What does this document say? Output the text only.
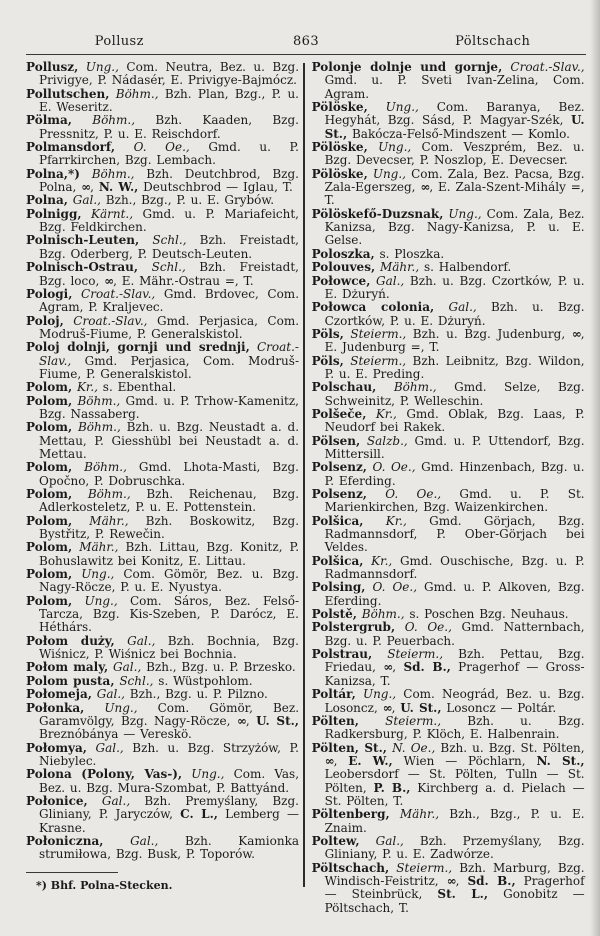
Pollusz	863	Pöltschach

Pollusz, Ung., Com. Neutra, Bez. u. Bzg. Privigye, P. Nádasér, E. Privigye-Bajmócz.

Pollutschen, Böhm., Bzh. Plan, Bzg., P. u. E. Weseritz.

Pölma, Böhm., Bzh. Kaaden, Bzg. Pressnitz, P. u. E. Reischdorf.

Polmansdorf, O. Oe., Gmd. u. P. Pfarrkirchen, Bzg. Lembach.

Polna,*) Böhm., Bzh. Deutchbrod, Bzg. Polna, ∞, N. W., Deutschbrod — Iglau, T.

Polna, Gal., Bzh., Bzg., P. u. E. Grybów.

Polnigg, Kärnt., Gmd. u. P. Mariafeicht, Bzg. Feldkirchen.

Polnisch-Leuten, Schl., Bzh. Freistadt, Bzg. Oderberg, P. Deutsch-Leuten.

Polnisch-Ostrau, Schl., Bzh. Freistadt, Bzg. loco, ∞, E. Mähr.-Ostrau =, T.

Pologi, Croat.-Slav., Gmd. Brdovec, Com. Agram, P. Kraljevec.

Poloj, Croat.-Slav., Gmd. Perjasica, Com. Modruš-Fiume, P. Generalskistol.

Poloj dolnji, gornji und srednji, Croat.-Slav., Gmd. Perjasica, Com. Modruš-Fiume, P. Generalskistol.

Polom, Kr., s. Ebenthal.

Polom, Böhm., Gmd. u. P. Trhow-Kamenitz, Bzg. Nassaberg.

Polom, Böhm., Bzh. u. Bzg. Neustadt a. d. Mettau, P. Giesshübl bei Neustadt a. d. Mettau.

Polom, Böhm., Gmd. Lhota-Masti, Bzg. Opočno, P. Dobruschka.

Polom, Böhm., Bzh. Reichenau, Bzg. Adlerkosteletz, P. u. E. Pottenstein.

Polom, Mähr., Bzh. Boskowitz, Bzg. Bystřitz, P. Rewečin.

Polom, Mähr., Bzh. Littau, Bzg. Konitz, P. Bohuslawitz bei Konitz, E. Littau.

Polom, Ung., Com. Gömör, Bez. u. Bzg. Nagy-Röcze, P. u. E. Nyustya.

Polom, Ung., Com. Sáros, Bez. Felső-Tarcza, Bzg. Kis-Szeben, P. Darócz, E. Héthárs.

Połom duży, Gal., Bzh. Bochnia, Bzg. Wiśnicz, P. Wiśnicz bei Bochnia.

Połom maly, Gal., Bzh., Bzg. u. P. Brzesko.

Polom pusta, Schl., s. Wüstpohlom.

Połomeja, Gal., Bzh., Bzg. u. P. Pilzno.

Połonka, Ung., Com. Gömör, Bez. Garamvölgy, Bzg. Nagy-Röcze, ∞, U. St., Breznóbánya — Vereskö.

Połomya, Gal., Bzh. u. Bzg. Strzyżów, P. Niebylec.

Polona (Polony, Vas-), Ung., Com. Vas, Bez. u. Bzg. Mura-Szombat, P. Battyánd.

Połonice, Gal., Bzh. Premyślany, Bzg. Gliniany, P. Jaryczów, C. L., Lemberg — Krasne.

Połoniczna, Gal., Bzh. Kamionka strumiłowa, Bzg. Busk, P. Toporów.

*) Bhf. Polna-Stecken.

Polonje dolnje und gornje, Croat.-Slav., Gmd. u. P. Sveti Ivan-Zelina, Com. Agram.

Pölöske, Ung., Com. Baranya, Bez. Hegyhát, Bzg. Sásd, P. Magyar-Szék, U. St., Bakócza-Felső-Mindszent — Komlo.

Pölöske, Ung., Com. Veszprém, Bez. u. Bzg. Devecser, P. Noszlop, E. Devecser.

Pölöske, Ung., Com. Zala, Bez. Pacsa, Bzg. Zala-Egerszeg, ∞, E. Zala-Szent-Mihály =, T.

Pölöskefő-Duzsnak, Ung., Com. Zala, Bez. Kanizsa, Bzg. Nagy-Kanizsa, P. u. E. Gelse.

Poloszka, s. Ploszka.

Polouves, Mähr., s. Halbendorf.

Połowce, Gal., Bzh. u. Bzg. Czortków, P. u. E. Dżuryń.

Połowca colonia, Gal., Bzh. u. Bzg. Czortków, P. u. E. Dżuryń.

Pöls, Steierm., Bzh. u. Bzg. Judenburg, ∞, E. Judenburg =, T.

Pöls, Steierm., Bzh. Leibnitz, Bzg. Wildon, P. u. E. Preding.

Polschau, Böhm., Gmd. Selze, Bzg. Schweinitz, P. Welleschin.

Polšeče, Kr., Gmd. Oblak, Bzg. Laas, P. Neudorf bei Rakek.

Pölsen, Salzb., Gmd. u. P. Uttendorf, Bzg. Mittersill.

Polsenz, O. Oe., Gmd. Hinzenbach, Bzg. u. P. Eferding.

Polsenz, O. Oe., Gmd. u. P. St. Marienkirchen, Bzg. Waizenkirchen.

Polšica, Kr., Gmd. Görjach, Bzg. Radmannsdorf, P. Ober-Görjach bei Veldes.

Polšica, Kr., Gmd. Ouschische, Bzg. u. P. Radmannsdorf.

Polsing, O. Oe., Gmd. u. P. Alkoven, Bzg. Eferding.

Polstě, Böhm., s. Poschen Bzg. Neuhaus.

Polstergrub, O. Oe., Gmd. Natternbach, Bzg. u. P. Peuerbach.

Polstrau, Steierm., Bzh. Pettau, Bzg. Friedau, ∞, Sd. B., Pragerhof — Gross-Kanizsa, T.

Poltár, Ung., Com. Neográd, Bez. u. Bzg. Losoncz, ∞, U. St., Losoncz — Poltár.

Pölten, Steierm., Bzh. u. Bzg. Radkersburg, P. Klöch, E. Halbenrain.

Pölten, St., N. Oe., Bzh. u. Bzg. St. Pölten, ∞, E. W., Wien — Pöchlarn, N. St., Leobersdorf — St. Pölten, Tulln — St. Pölten, P. B., Kirchberg a. d. Pielach — St. Pölten, T.

Pöltenberg, Mähr., Bzh., Bzg., P. u. E. Znaim.

Poltew, Gal., Bzh. Przemyślany, Bzg. Gliniany, P. u. E. Zadwórze.

Pöltschach, Steierm., Bzh. Marburg, Bzg. Windisch-Feistritz, ∞, Sd. B., Pragerhof — Steinbrück, St. L., Gonobitz — Pöltschach, T.
